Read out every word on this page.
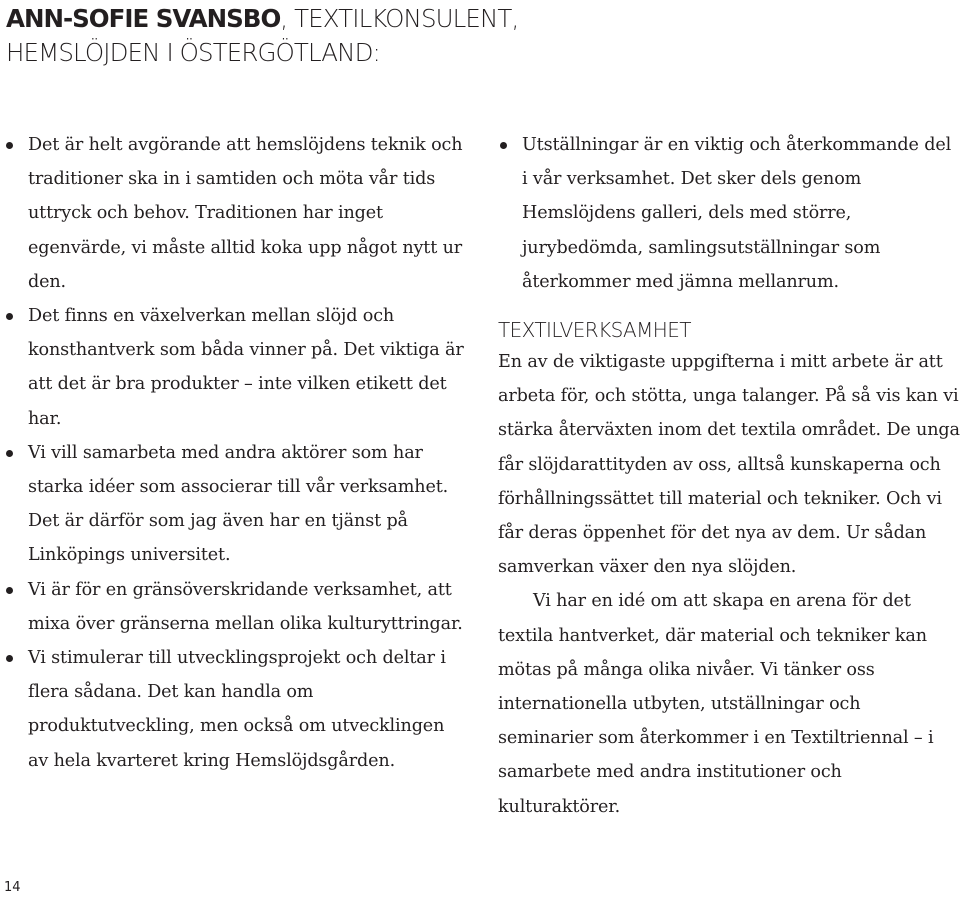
ANN-SOFIE SVANSBO, TEXTILKONSULENT,
HEMSLÖJDEN I ÖSTERGÖTLAND:
Det är helt avgörande att hemslöjdens teknik och traditioner ska in i samtiden och möta vår tids uttryck och behov. Traditionen har inget egenvärde, vi måste alltid koka upp något nytt ur den.
Det finns en växelverkan mellan slöjd och konsthantverk som båda vinner på. Det viktiga är att det är bra produkter – inte vilken etikett det har.
Vi vill samarbeta med andra aktörer som har starka idéer som associerar till vår verksamhet. Det är därför som jag även har en tjänst på Linköpings universitet.
Vi är för en gränsöverskridande verksamhet, att mixa över gränserna mellan olika kulturyttringar.
Vi stimulerar till utvecklingsprojekt och deltar i flera sådana. Det kan handla om produktutveckling, men också om utvecklingen av hela kvarteret kring Hemslöjdsgården.
Utställningar är en viktig och återkommande del i vår verksamhet. Det sker dels genom Hemslöjdens galleri, dels med större, jurybedömda, samlingsutställningar som återkommer med jämna mellanrum.
TEXTILVERKSAMHET

En av de viktigaste uppgifterna i mitt arbete är att arbeta för, och stötta, unga talanger. På så vis kan vi stärka återväxten inom det textila området. De unga får slöjdarattityden av oss, alltså kunskaperna och förhållningssättet till material och tekniker. Och vi får deras öppenhet för det nya av dem. Ur sådan samverkan växer den nya slöjden.

Vi har en idé om att skapa en arena för det textila hantverket, där material och tekniker kan mötas på många olika nivåer. Vi tänker oss internationella utbyten, utställningar och seminarier som återkommer i en Textiltriennal – i samarbete med andra institutioner och kulturaktörer.

14
